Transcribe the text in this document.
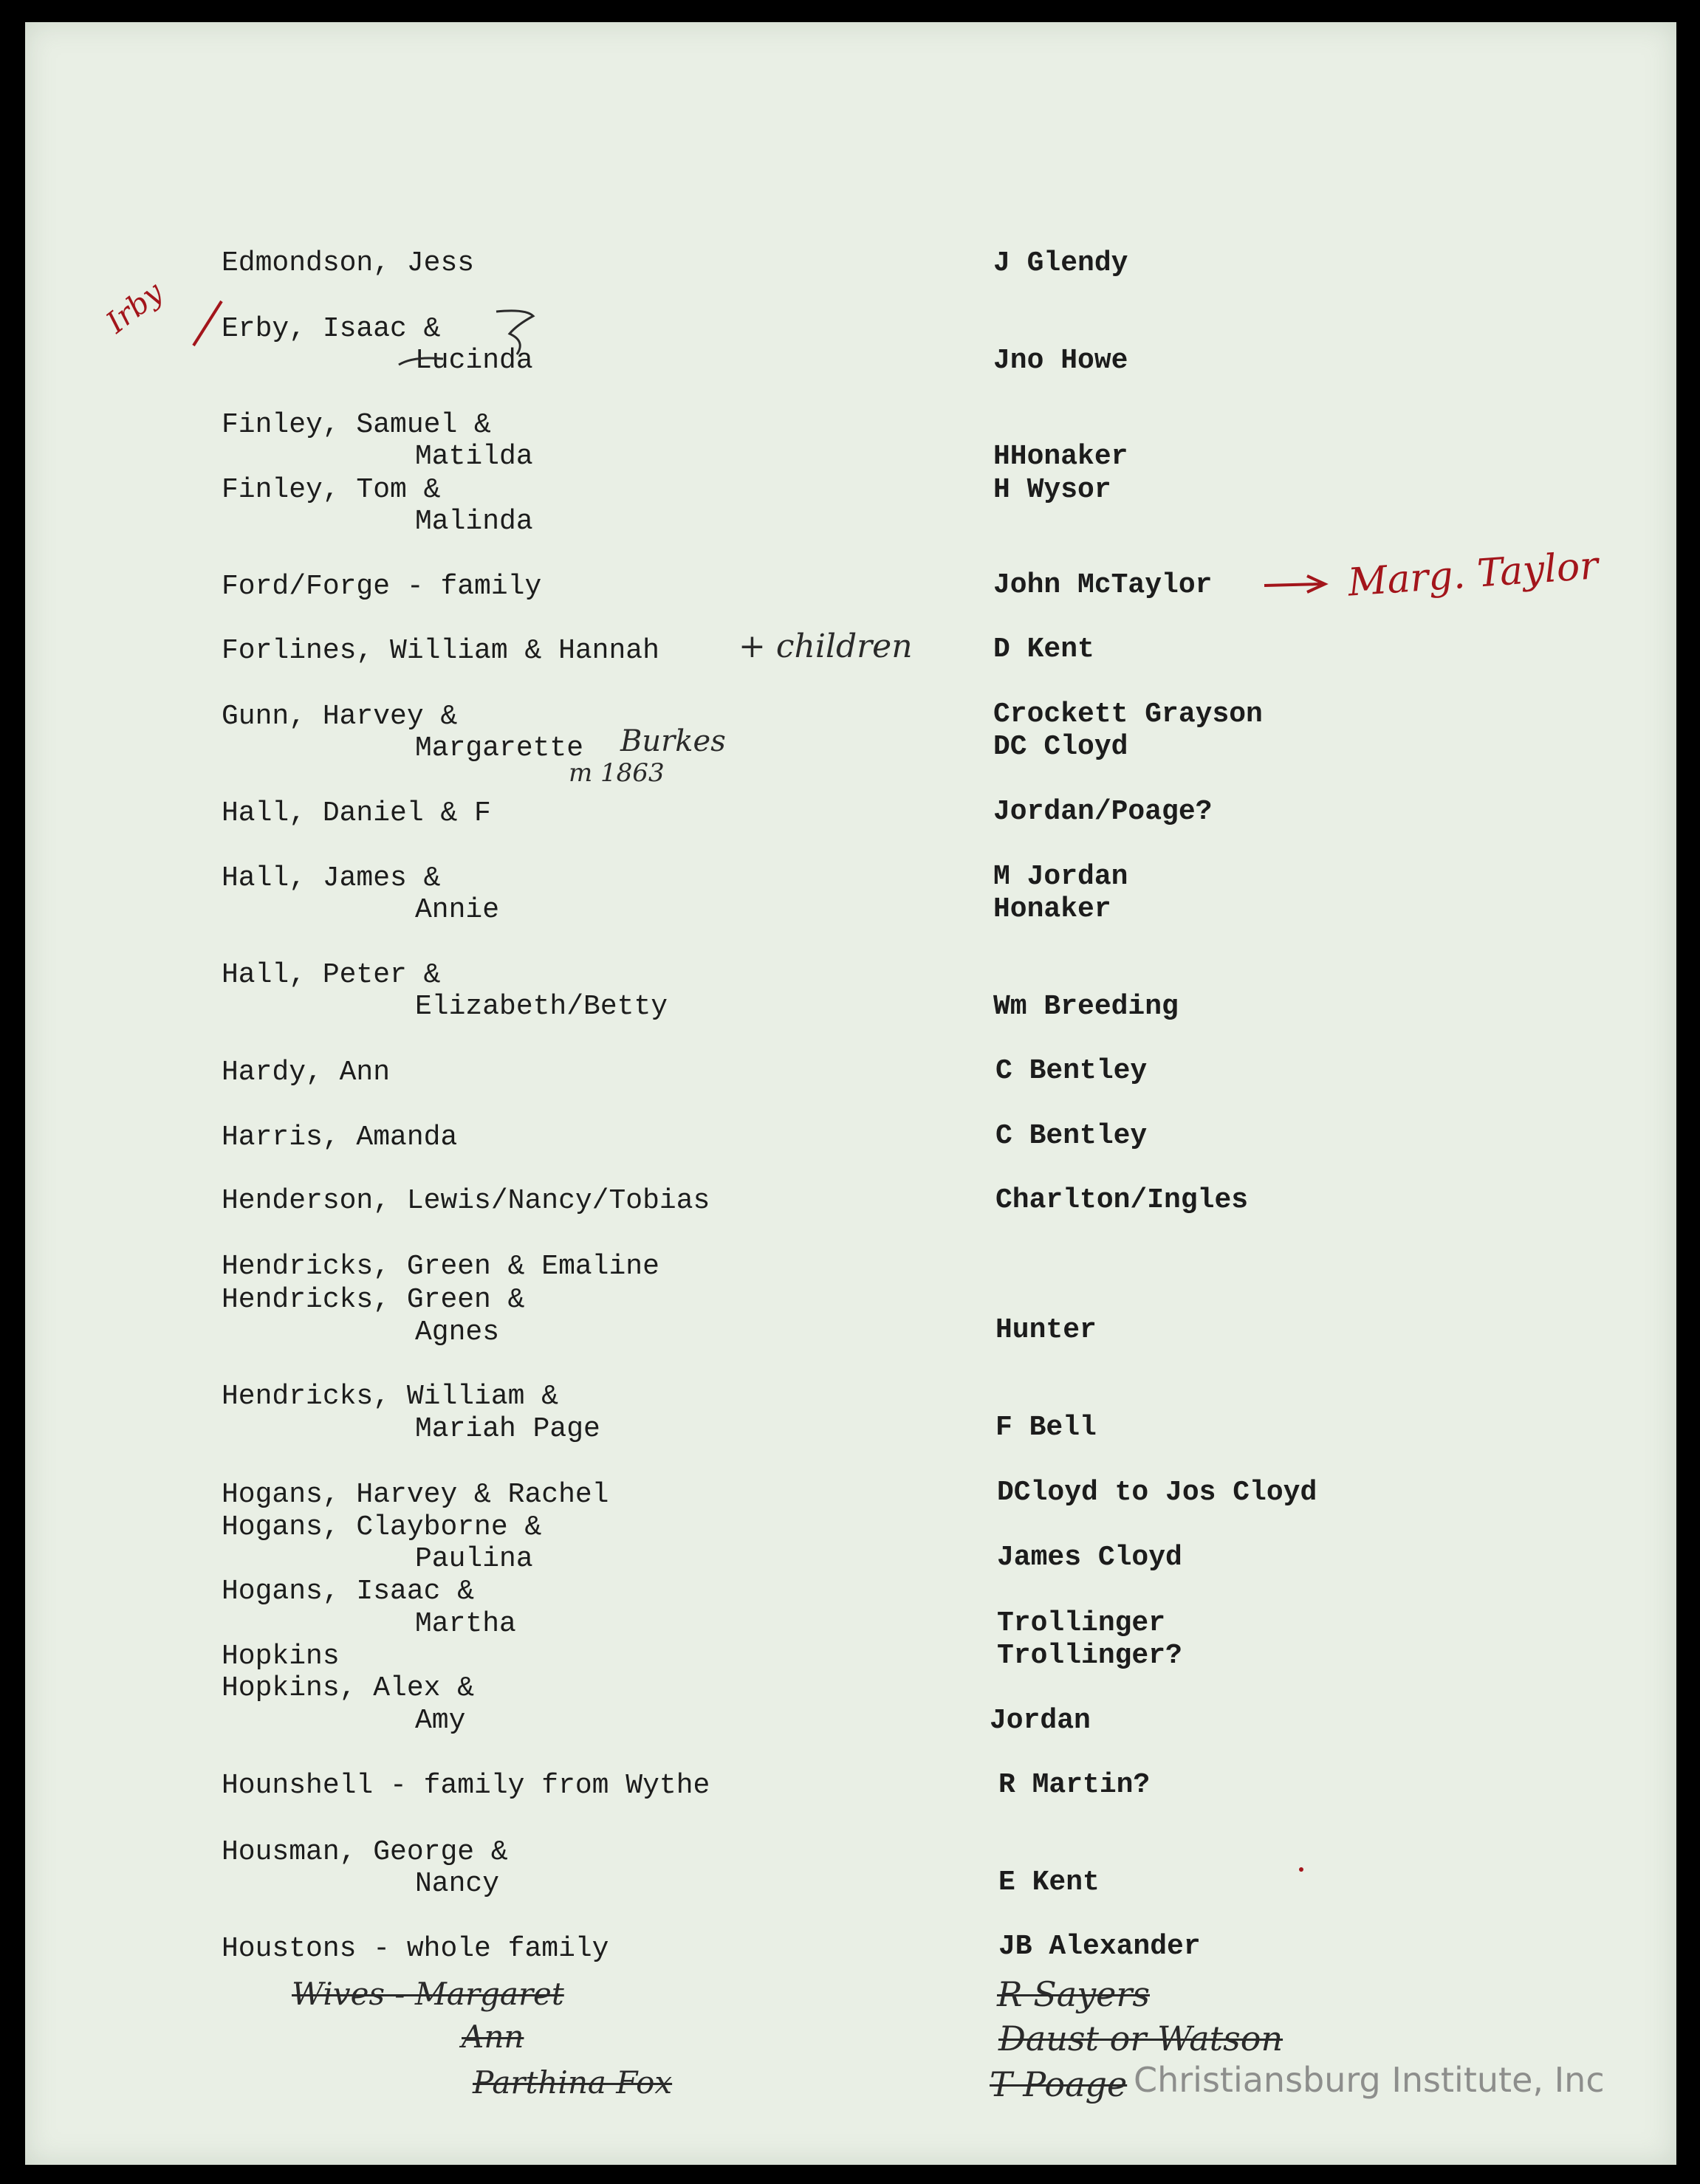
Edmondson, Jess
Erby, Isaac &
Lucinda
Finley, Samuel &
Matilda
Finley, Tom &
Malinda
Ford/Forge - family
Forlines, William & Hannah
Gunn, Harvey &
Margarette
Hall, Daniel & F
Hall, James &
Annie
Hall, Peter &
Elizabeth/Betty
Hardy, Ann
Harris, Amanda
Henderson, Lewis/Nancy/Tobias
Hendricks, Green & Emaline
Hendricks, Green &
Agnes
Hendricks, William &
Mariah Page
Hogans, Harvey & Rachel
Hogans, Clayborne &
Paulina
Hogans, Isaac &
Martha
Hopkins
Hopkins, Alex &
Amy
Hounshell - family from Wythe
Housman, George &
Nancy
Houstons - whole family
J Glendy
Jno Howe
HHonaker
H Wysor
John McTaylor
D Kent
Crockett Grayson
DC Cloyd
Jordan/Poage?
M Jordan
Honaker
Wm Breeding
C Bentley
C Bentley
Charlton/Ingles
Hunter
F Bell
DCloyd to Jos Cloyd
James Cloyd
Trollinger
Trollinger?
Jordan
R Martin?
E Kent
JB Alexander
Irby
+ children
Marg. Taylor
Burkes
m 1863
Wives - Margaret
Ann
Parthina Fox
R Sayers
Daust or Watson
T Poage Christiansburg Institute, Inc
